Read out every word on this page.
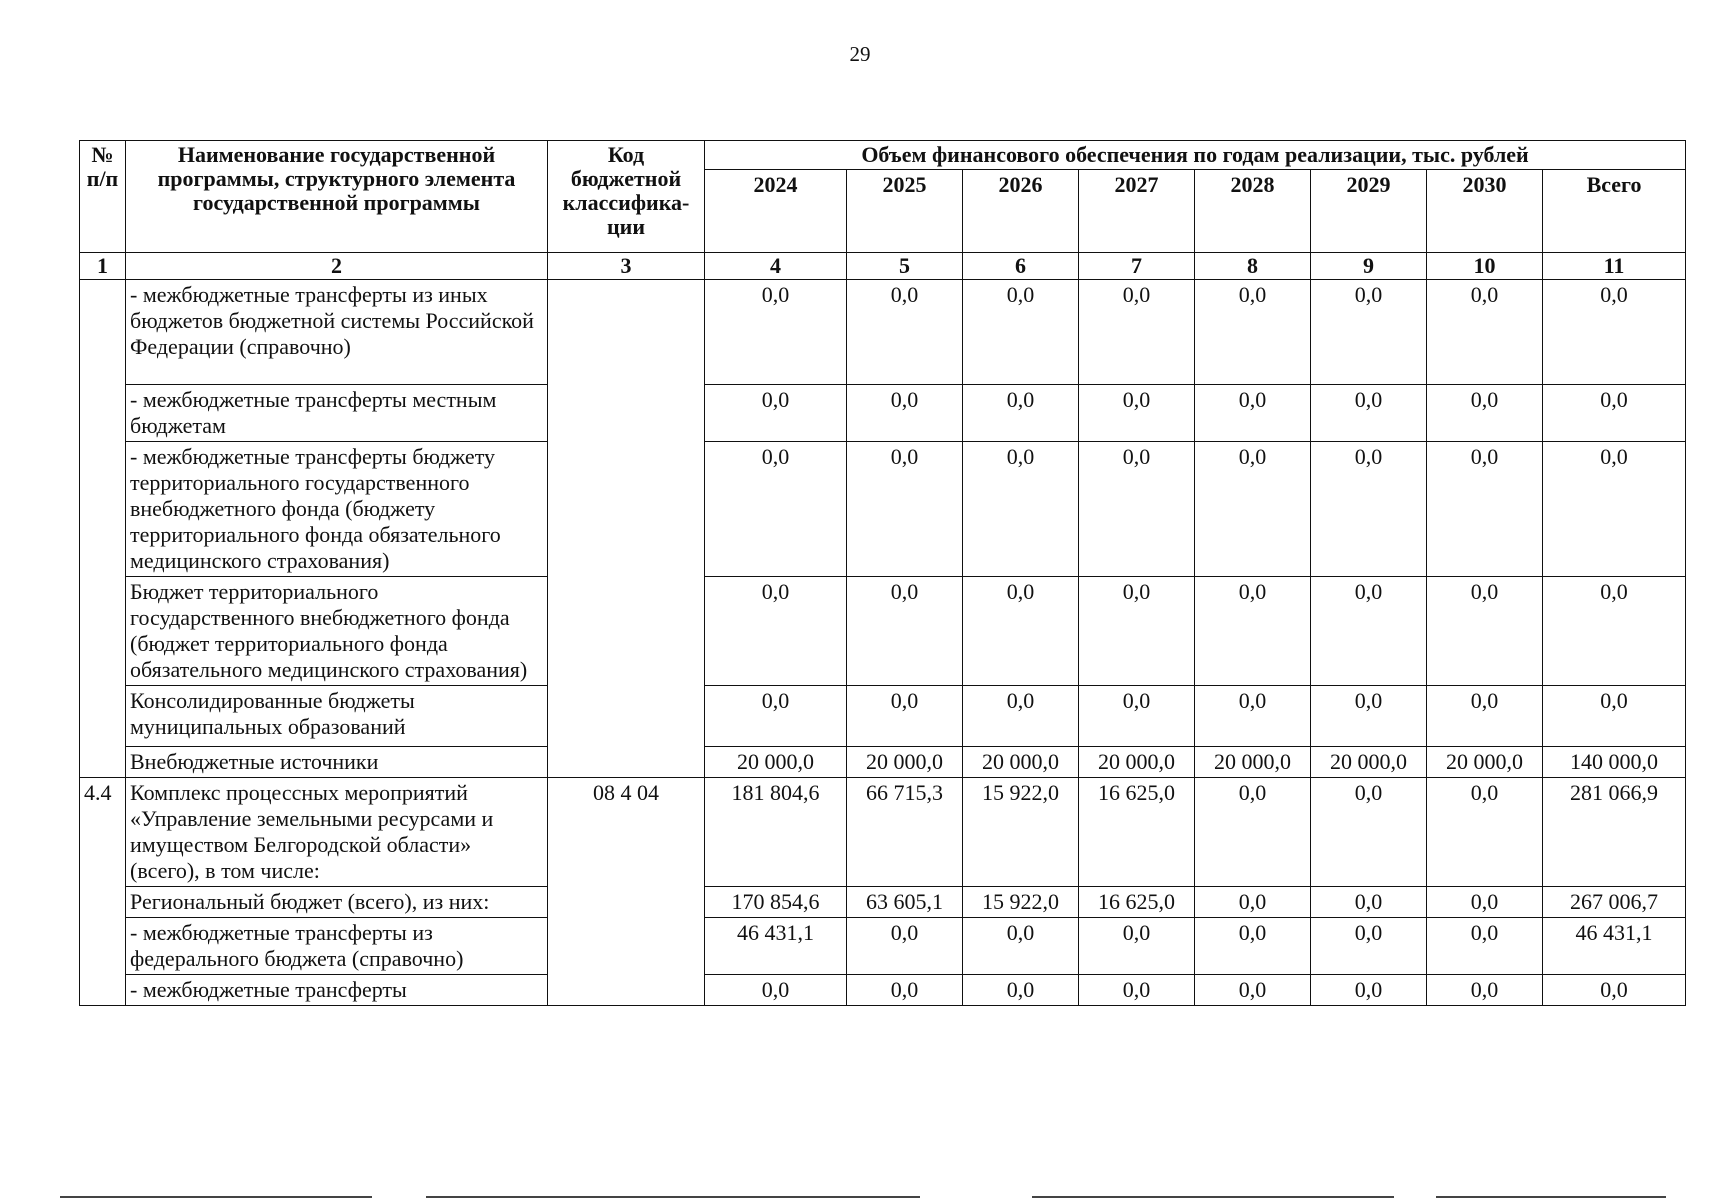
29
№ п/п	Наименование государственной программы, структурного элемента государственной программы	Код бюджетной классифика-ции	Объем финансового обеспечения по годам реализации, тыс. рублей							
			2024	2025	2026	2027	2028	2029	2030	Всего
1	2	3	4	5	6	7	8	9	10	11
	- межбюджетные трансферты из иных бюджетов бюджетной системы Российской Федерации (справочно)		0,0	0,0	0,0	0,0	0,0	0,0	0,0	0,0
	- межбюджетные трансферты местным бюджетам		0,0	0,0	0,0	0,0	0,0	0,0	0,0	0,0
	- межбюджетные трансферты бюджету территориального государственного внебюджетного фонда (бюджету территориального фонда обязательного медицинского страхования)		0,0	0,0	0,0	0,0	0,0	0,0	0,0	0,0
	Бюджет территориального государственного внебюджетного фонда (бюджет территориального фонда обязательного медицинского страхования)		0,0	0,0	0,0	0,0	0,0	0,0	0,0	0,0
	Консолидированные бюджеты муниципальных образований		0,0	0,0	0,0	0,0	0,0	0,0	0,0	0,0
	Внебюджетные источники		20 000,0	20 000,0	20 000,0	20 000,0	20 000,0	20 000,0	20 000,0	140 000,0
4.4	Комплекс процессных мероприятий «Управление земельными ресурсами и имуществом Белгородской области» (всего), в том числе:	08 4 04	181 804,6	66 715,3	15 922,0	16 625,0	0,0	0,0	0,0	281 066,9
	Региональный бюджет (всего), из них:		170 854,6	63 605,1	15 922,0	16 625,0	0,0	0,0	0,0	267 006,7
	- межбюджетные трансферты из федерального бюджета (справочно)		46 431,1	0,0	0,0	0,0	0,0	0,0	0,0	46 431,1
	- межбюджетные трансферты		0,0	0,0	0,0	0,0	0,0	0,0	0,0	0,0
